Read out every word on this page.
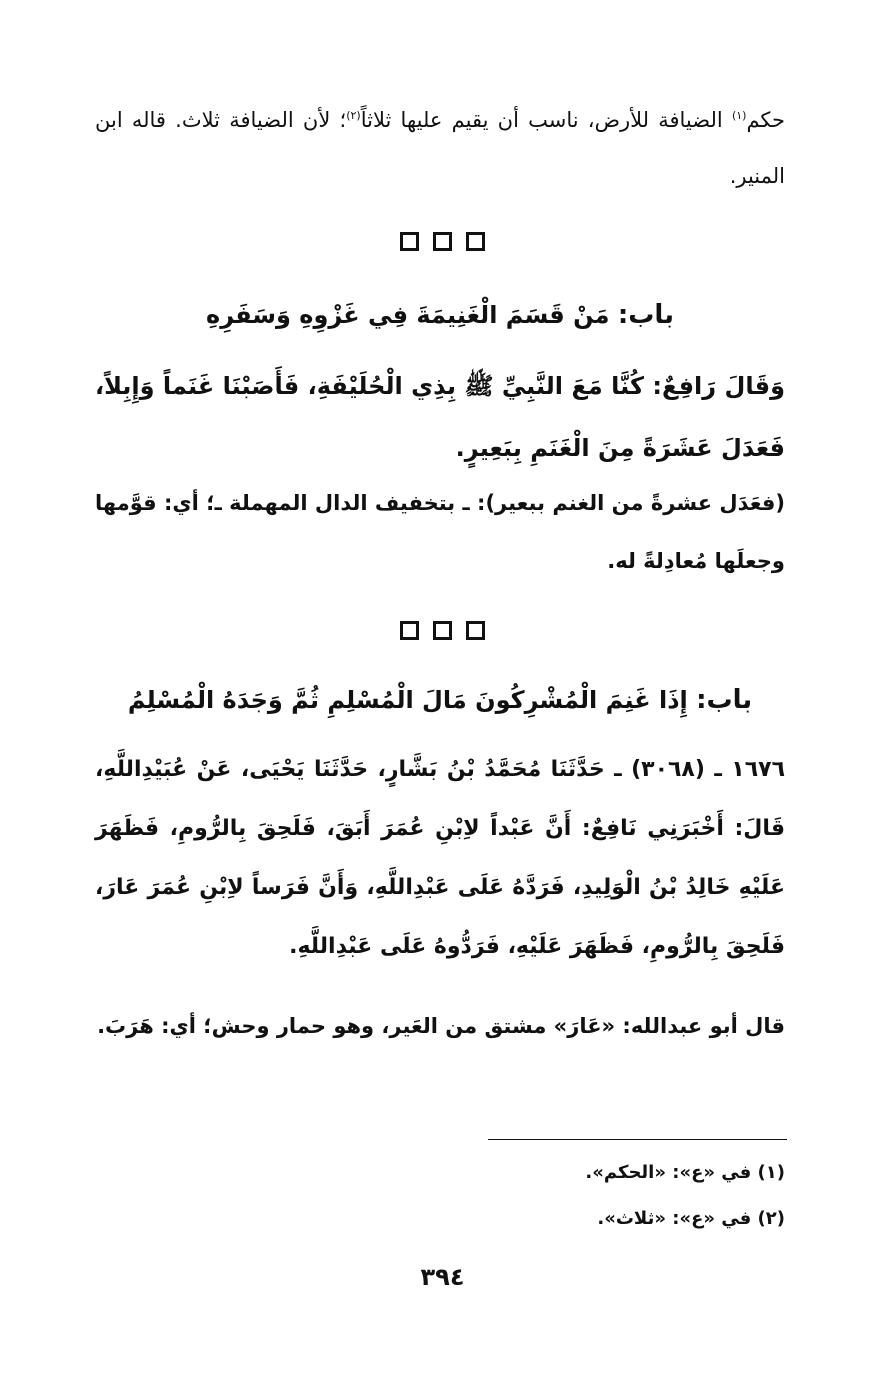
حكم$^{(١)}$ الضيافة للأرض، ناسب أن يقيم عليها ثلاثاً$^{(٢)}$؛ لأن الضيافة ثلاث. قاله ابن المنير.

باب: مَنْ قَسَمَ الْغَنِيمَةَ فِي غَزْوِهِ وَسَفَرِهِ

وَقَالَ رَافِعٌ: كُنَّا مَعَ النَّبِيِّ ﷺ بِذِي الْحُلَيْفَةِ، فَأَصَبْنَا غَنَماً وَإِبِلاً، فَعَدَلَ عَشَرَةً مِنَ الْغَنَمِ بِبَعِيرٍ.

(فعَدَل عشرةً من الغنم ببعير): ـ بتخفيف الدال المهملة ـ؛ أي: قوَّمها وجعلَها مُعادِلةً له.

باب: إِذَا غَنِمَ الْمُشْرِكُونَ مَالَ الْمُسْلِمِ ثُمَّ وَجَدَهُ الْمُسْلِمُ

١٦٧٦ ـ (٣٠٦٨) ـ حَدَّثَنَا مُحَمَّدُ بْنُ بَشَّارٍ، حَدَّثَنَا يَحْيَى، عَنْ عُبَيْدِاللَّهِ، قَالَ: أَخْبَرَنِي نَافِعٌ: أَنَّ عَبْداً لاِبْنِ عُمَرَ أَبَقَ، فَلَحِقَ بِالرُّومِ، فَظَهَرَ عَلَيْهِ خَالِدُ بْنُ الْوَلِيدِ، فَرَدَّهُ عَلَى عَبْدِاللَّهِ، وَأَنَّ فَرَساً لاِبْنِ عُمَرَ عَارَ، فَلَحِقَ بِالرُّومِ، فَظَهَرَ عَلَيْهِ، فَرَدُّوهُ عَلَى عَبْدِاللَّهِ.

قال أبو عبدالله: «عَارَ» مشتق من العَير، وهو حمار وحش؛ أي: هَرَبَ.

(١) في «ع»: «الحكم».
(٢) في «ع»: «ثلاث».
٣٩٤
